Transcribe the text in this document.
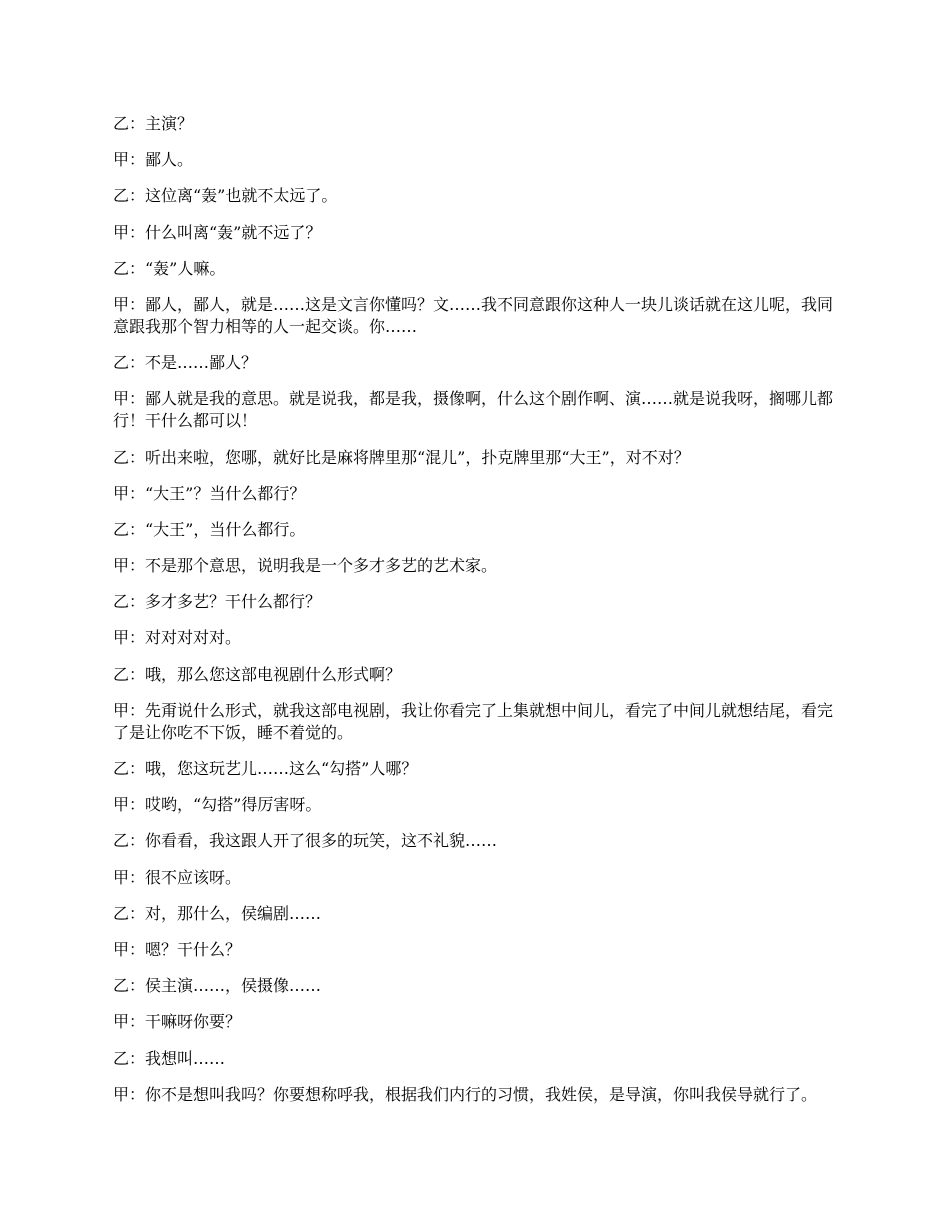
乙：主演？

甲：鄙人。

乙：这位离“轰”也就不太远了。

甲：什么叫离“轰”就不远了？

乙：“轰”人嘛。

甲：鄙人，鄙人，就是……这是文言你懂吗？文……我不同意跟你这种人一块儿谈话就在这儿呢，我同意跟我那个智力相等的人一起交谈。你……

乙：不是……鄙人？

甲：鄙人就是我的意思。就是说我，都是我，摄像啊，什么这个剧作啊、演……就是说我呀，搁哪儿都行！干什么都可以！

乙：听出来啦，您哪，就好比是麻将牌里那“混儿”，扑克牌里那“大王”，对不对？

甲：“大王”？当什么都行？

乙：“大王”，当什么都行。

甲：不是那个意思，说明我是一个多才多艺的艺术家。

乙：多才多艺？干什么都行？

甲：对对对对对。

乙：哦，那么您这部电视剧什么形式啊？

甲：先甭说什么形式，就我这部电视剧，我让你看完了上集就想中间儿，看完了中间儿就想结尾，看完了是让你吃不下饭，睡不着觉的。

乙：哦，您这玩艺儿……这么“勾搭”人哪？

甲：哎哟，“勾搭”得厉害呀。

乙：你看看，我这跟人开了很多的玩笑，这不礼貌……

甲：很不应该呀。

乙：对，那什么，侯编剧……

甲：嗯？干什么？

乙：侯主演……，侯摄像……

甲：干嘛呀你要？

乙：我想叫……

甲：你不是想叫我吗？你要想称呼我，根据我们内行的习惯，我姓侯，是导演，你叫我侯导就行了。
